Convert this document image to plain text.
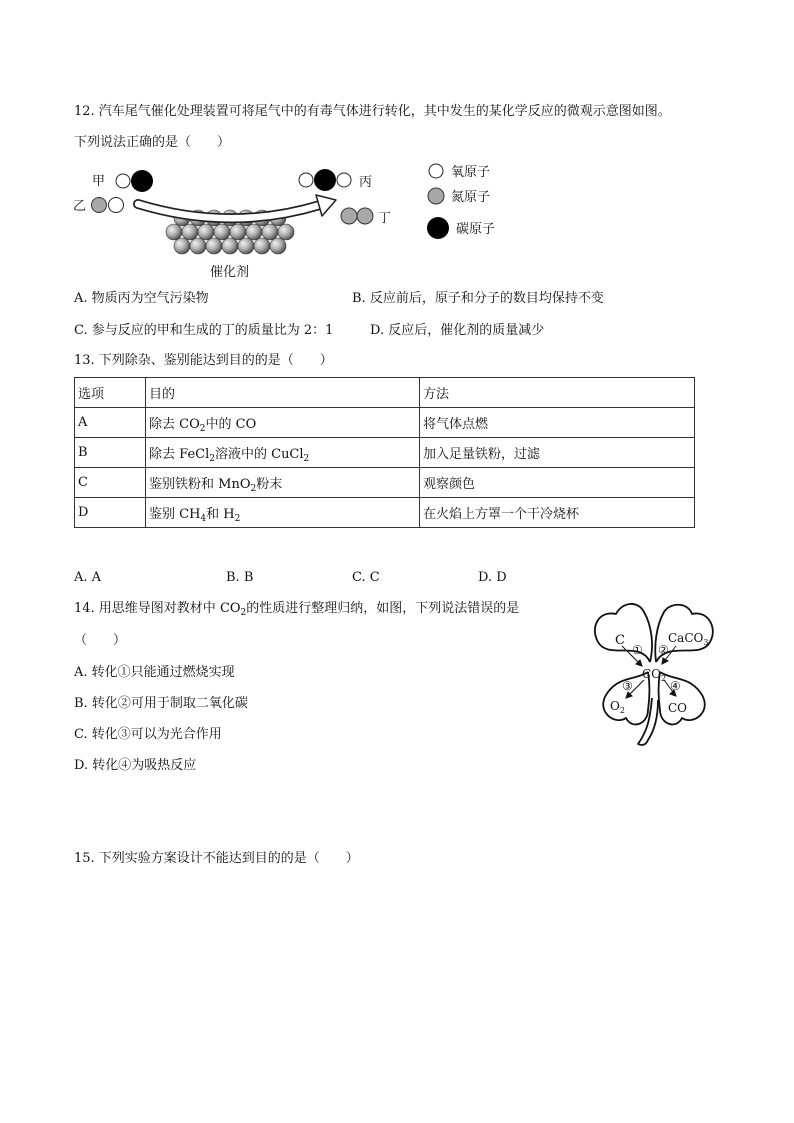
12. 汽车尾气催化处理装置可将尾气中的有毒气体进行转化，其中发生的某化学反应的微观示意图如图。
下列说法正确的是（　　）
甲
乙
丙
丁
催化剂
氧原子
氮原子
碳原子
A. 物质丙为空气污染物	B. 反应前后，原子和分子的数目均保持不变
C. 参与反应的甲和生成的丁的质量比为 2：1	D. 反应后，催化剂的质量减少
13. 下列除杂、鉴别能达到目的的是（　　）
选项	目的	方法
A	除去 $CO_2$中的 CO	将气体点燃
B	除去 FeCl$_2$溶液中的 CuCl$_2$	加入足量铁粉，过滤
C	鉴别铁粉和 MnO$_2$粉末	观察颜色
D	鉴别 $CH_4$和 $H_2$	在火焰上方罩一个干冷烧杯
A. A	B. B	C. C	D. D
14. 用思维导图对教材中 $CO_2$的性质进行整理归纳，如图，下列说法错误的是
（　　）
A. 转化①只能通过燃烧实现
B. 转化②可用于制取二氧化碳
C. 转化③可以为光合作用
D. 转化④为吸热反应
C	CaCO$_3$
$CO_2$
$O_2$	CO
① ②
③	④
15. 下列实验方案设计不能达到目的的是（　　）
